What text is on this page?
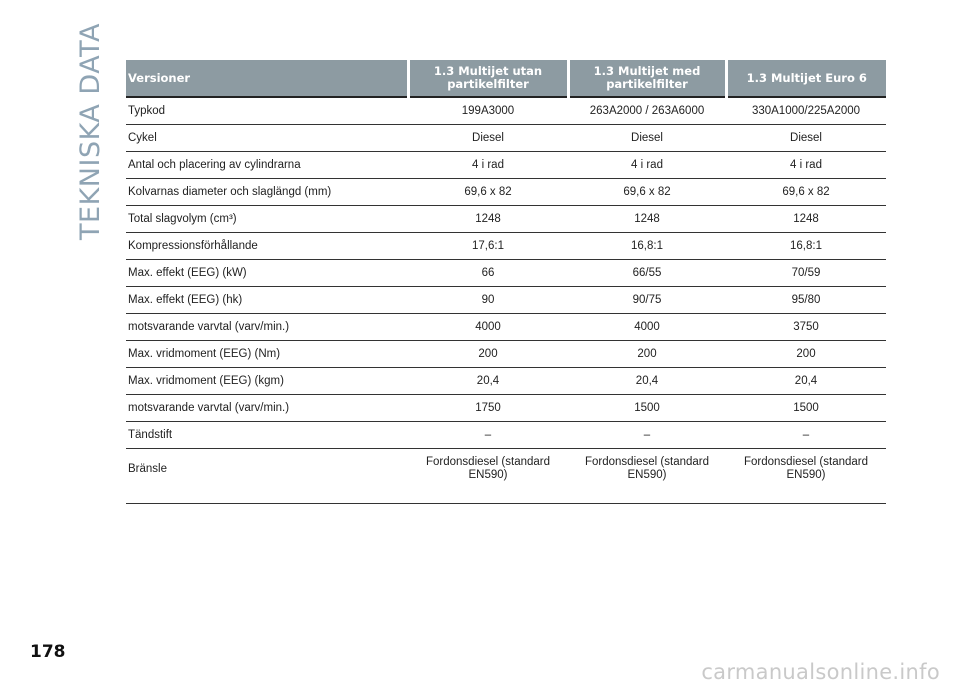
TEKNISKA DATA Versioner	1.3 Multijet utan partikelfilter	1.3 Multijet med partikelfilter	1.3 Multijet Euro 6
Typkod	199A3000	263A2000 / 263A6000	330A1000/225A2000
Cykel	Diesel	Diesel	Diesel
Antal och placering av cylindrarna	4 i rad	4 i rad	4 i rad
Kolvarnas diameter och slaglängd (mm)	69,6 x 82	69,6 x 82	69,6 x 82
Total slagvolym (cm³)	1248	1248	1248
Kompressionsförhållande	17,6:1	16,8:1	16,8:1
Max. effekt (EEG) (kW)	66	66/55	70/59
Max. effekt (EEG) (hk)	90	90/75	95/80
motsvarande varvtal (varv/min.)	4000	4000	3750
Max. vridmoment (EEG) (Nm)	200	200	200
Max. vridmoment (EEG) (kgm)	20,4	20,4	20,4
motsvarande varvtal (varv/min.)	1750	1500	1500
Tändstift	–	–	–
Bränsle	Fordonsdiesel (standard EN590)	Fordonsdiesel (standard EN590)	Fordonsdiesel (standard EN590)
178
carmanualsonline.info
